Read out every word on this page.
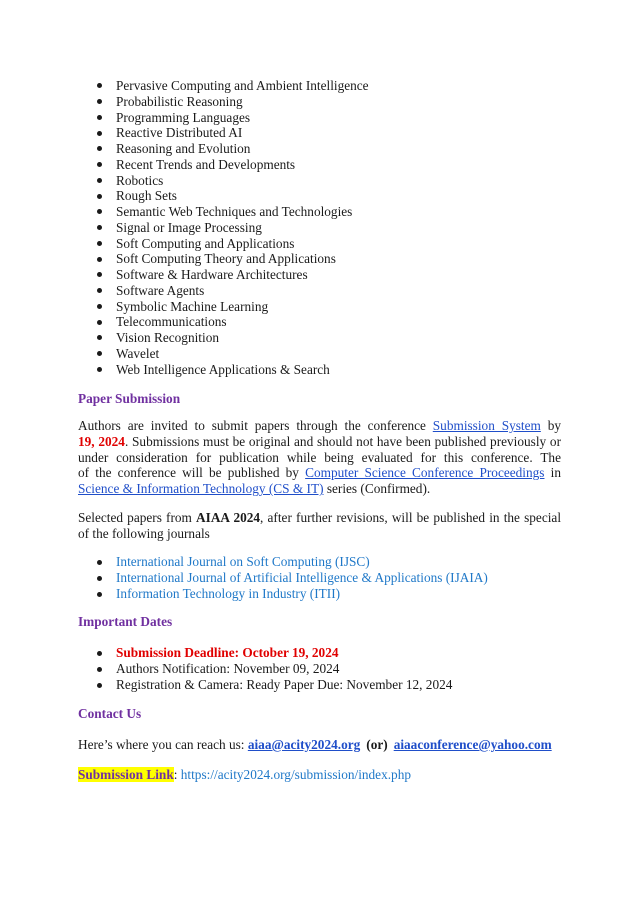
Pervasive Computing and Ambient Intelligence
Probabilistic Reasoning
Programming Languages
Reactive Distributed AI
Reasoning and Evolution
Recent Trends and Developments
Robotics
Rough Sets
Semantic Web Techniques and Technologies
Signal or Image Processing
Soft Computing and Applications
Soft Computing Theory and Applications
Software & Hardware Architectures
Software Agents
Symbolic Machine Learning
Telecommunications
Vision Recognition
Wavelet
Web Intelligence Applications & Search
Paper Submission
Authors are invited to submit papers through the conference Submission System by
19, 2024. Submissions must be original and should not have been published previously or
under consideration for publication while being evaluated for this conference. The
of the conference will be published by Computer Science Conference Proceedings in
Science & Information Technology (CS & IT) series (Confirmed).
Selected papers from AIAA 2024, after further revisions, will be published in the special
of the following journals
International Journal on Soft Computing (IJSC)
International Journal of Artificial Intelligence & Applications (IJAIA)
Information Technology in Industry (ITII)
Important Dates
Submission Deadline: October 19, 2024
Authors Notification: November 09, 2024
Registration & Camera: Ready Paper Due: November 12, 2024
Contact Us
Here’s where you can reach us: aiaa@acity2024.org (or) aiaaconference@yahoo.com
Submission Link: https://acity2024.org/submission/index.php
